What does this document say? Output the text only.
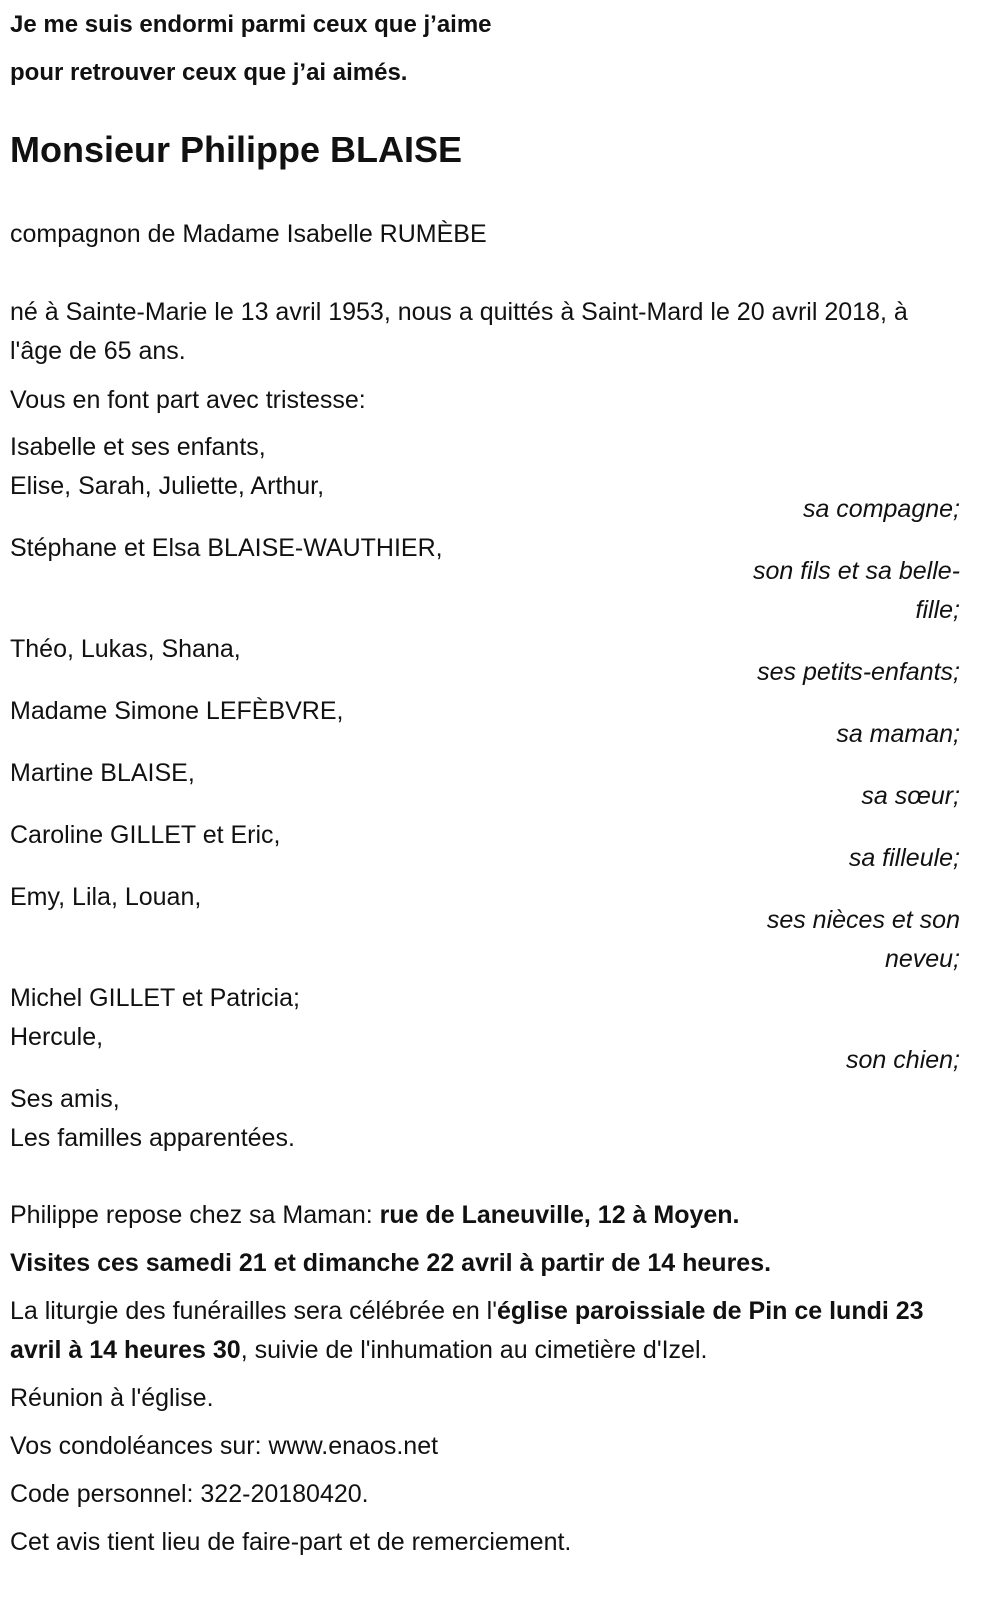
Je me suis endormi parmi ceux que j’aime
pour retrouver ceux que j’ai aimés.
Monsieur Philippe BLAISE
compagnon de Madame Isabelle RUMÈBE
né à Sainte-Marie le 13 avril 1953, nous a quittés à Saint-Mard le 20 avril 2018, à l'âge de 65 ans.
Vous en font part avec tristesse:
Isabelle et ses enfants,
Elise, Sarah, Juliette, Arthur,
sa compagne;
Stéphane et Elsa BLAISE-WAUTHIER,
son fils et sa belle-fille;
Théo, Lukas, Shana,
ses petits-enfants;
Madame Simone LEFÈBVRE,
sa maman;
Martine BLAISE,
sa sœur;
Caroline GILLET et Eric,
sa filleule;
Emy, Lila, Louan,
ses nièces et son neveu;
Michel GILLET et Patricia;
Hercule,
son chien;
Ses amis,
Les familles apparentées.
Philippe repose chez sa Maman: rue de Laneuville, 12 à Moyen.
Visites ces samedi 21 et dimanche 22 avril à partir de 14 heures.
La liturgie des funérailles sera célébrée en l'église paroissiale de Pin ce lundi 23 avril à 14 heures 30, suivie de l'inhumation au cimetière d'Izel.
Réunion à l'église.
Vos condoléances sur: www.enaos.net
Code personnel: 322-20180420.
Cet avis tient lieu de faire-part et de remerciement.
